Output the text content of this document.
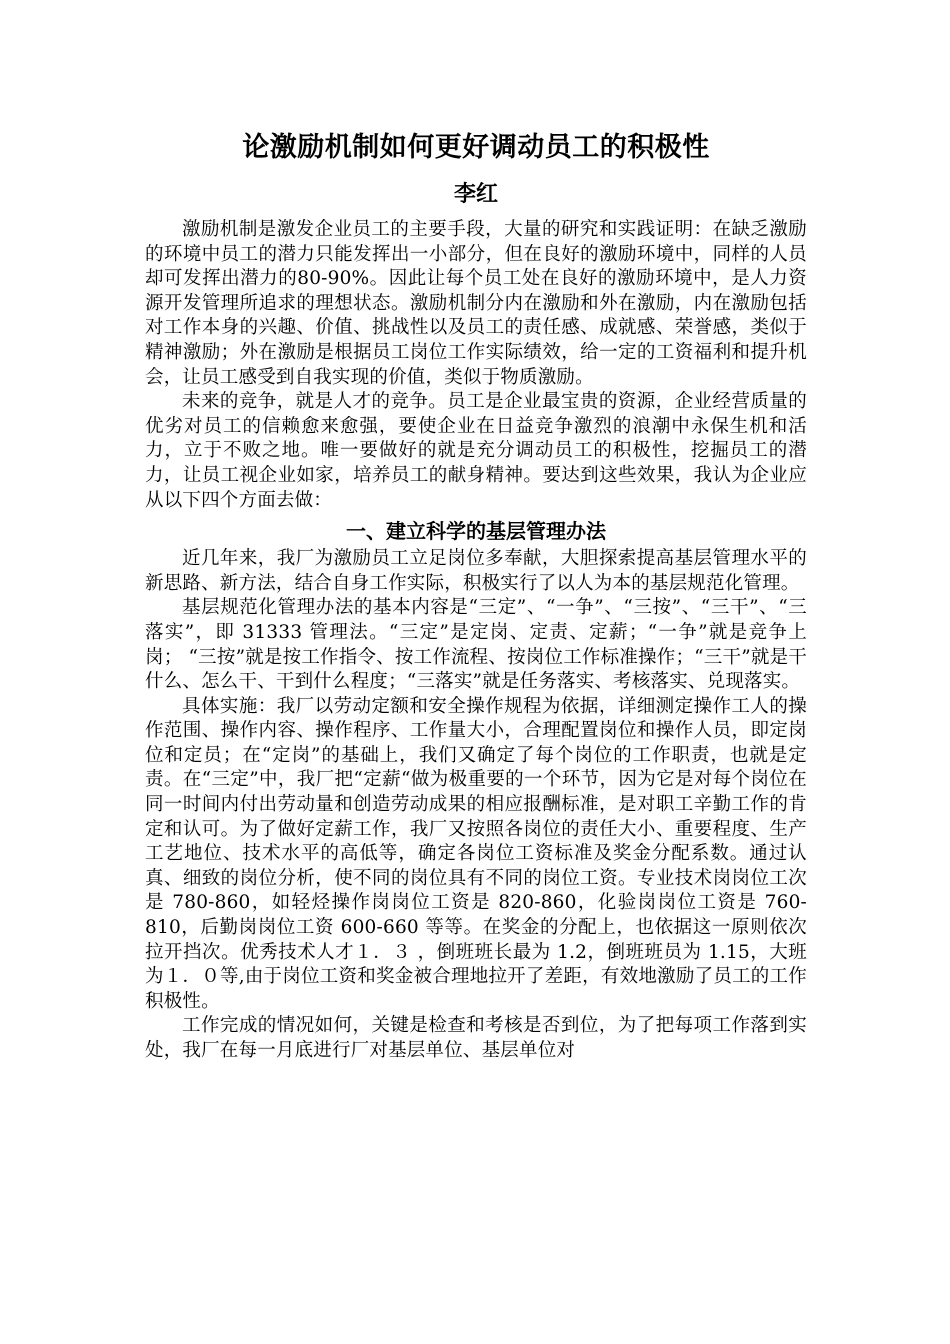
论激励机制如何更好调动员工的积极性
李红

激励机制是激发企业员工的主要手段，大量的研究和实践证明：在缺乏激励的环境中员工的潜力只能发挥出一小部分，但在良好的激励环境中，同样的人员却可发挥出潜力的80-90%。因此让每个员工处在良好的激励环境中，是人力资源开发管理所追求的理想状态。激励机制分内在激励和外在激励，内在激励包括对工作本身的兴趣、价值、挑战性以及员工的责任感、成就感、荣誉感，类似于精神激励；外在激励是根据员工岗位工作实际绩效，给一定的工资福利和提升机会，让员工感受到自我实现的价值，类似于物质激励。

未来的竞争，就是人才的竞争。员工是企业最宝贵的资源，企业经营质量的优劣对员工的信赖愈来愈强，要使企业在日益竞争激烈的浪潮中永保生机和活力，立于不败之地。唯一要做好的就是充分调动员工的积极性，挖掘员工的潜力，让员工视企业如家，培养员工的献身精神。要达到这些效果，我认为企业应从以下四个方面去做：

一、建立科学的基层管理办法

近几年来，我厂为激励员工立足岗位多奉献，大胆探索提高基层管理水平的新思路、新方法，结合自身工作实际，积极实行了以人为本的基层规范化管理。

基层规范化管理办法的基本内容是“三定”、“一争”、“三按”、“三干”、“三落实”，即 31333 管理法。“三定”是定岗、定责、定薪；“一争”就是竞争上岗； “三按”就是按工作指令、按工作流程、按岗位工作标准操作；“三干”就是干什么、怎么干、干到什么程度；“三落实”就是任务落实、考核落实、兑现落实。

具体实施：我厂以劳动定额和安全操作规程为依据，详细测定操作工人的操作范围、操作内容、操作程序、工作量大小，合理配置岗位和操作人员，即定岗位和定员；在“定岗”的基础上，我们又确定了每个岗位的工作职责，也就是定责。在“三定”中，我厂把“定薪“做为极重要的一个环节，因为它是对每个岗位在同一时间内付出劳动量和创造劳动成果的相应报酬标准，是对职工辛勤工作的肯定和认可。为了做好定薪工作，我厂又按照各岗位的责任大小、重要程度、生产工艺地位、技术水平的高低等，确定各岗位工资标准及奖金分配系数。通过认真、细致的岗位分析，使不同的岗位具有不同的岗位工资。专业技术岗岗位工次是 780-860，如轻烃操作岗岗位工资是 820-860，化验岗岗位工资是 760-810，后勤岗岗位工资 600-660 等等。在奖金的分配上，也依据这一原则依次拉开挡次。优秀技术人才１．３ ，倒班班长最为 1.2，倒班班员为 1.15，大班为１．０等,由于岗位工资和奖金被合理地拉开了差距，有效地激励了员工的工作积极性。

工作完成的情况如何，关键是检查和考核是否到位，为了把每项工作落到实处，我厂在每一月底进行厂对基层单位、基层单位对
